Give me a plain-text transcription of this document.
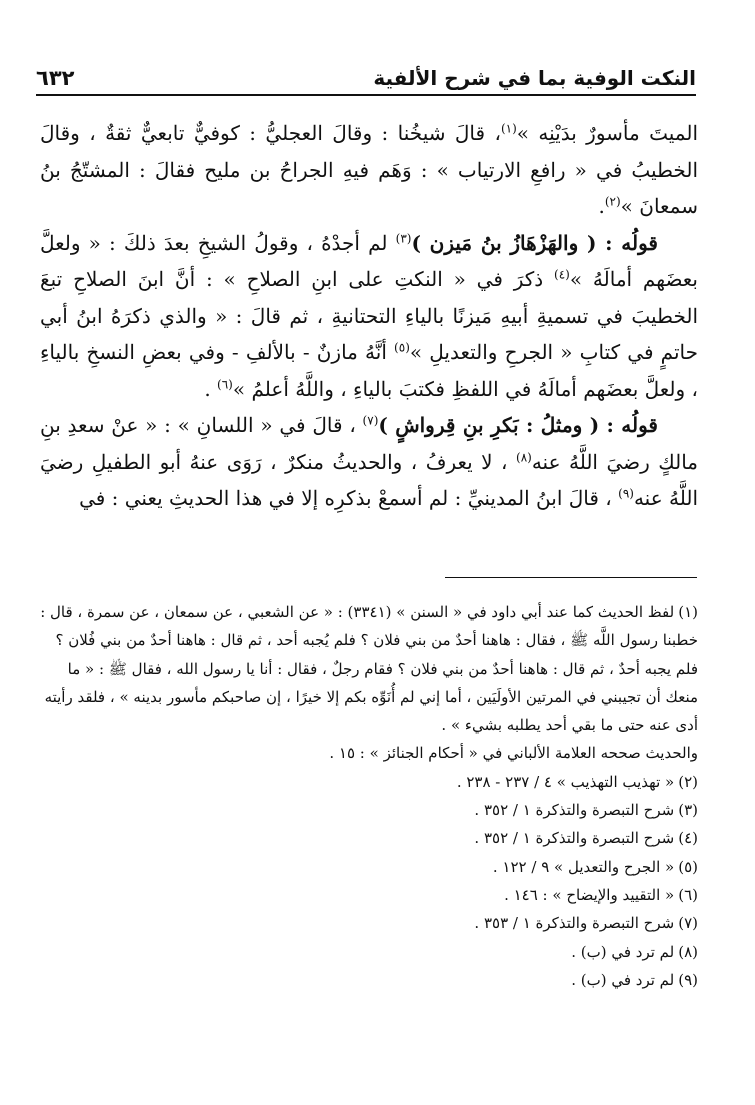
٦٣٢	النكت الوفية بما في شرح الألفية

الميتَ مأسورٌ بدَيْنِه »$^{(١)}$، قالَ شيخُنا : وقالَ العجليُّ : كوفيٌّ تابعيٌّ ثقةٌ ، وقالَ الخطيبُ في « رافعِ الارتياب » : وَهَم فيهِ الجراحُ بن مليح فقالَ : المشتّجُ بنُ سمعانَ »$^{(٢)}$.

  قولُه : ( والهَزْهَازُ بنُ مَيزن )$^{(٣)}$ لم أجدْهُ ، وقولُ الشيخِ بعدَ ذلكَ : « ولعلَّ بعضَهم أمالَهُ »$^{(٤)}$ ذكرَ في « النكتِ على ابنِ الصلاحِ » : أنَّ ابنَ الصلاحِ تبعَ الخطيبَ في تسميةِ أبيهِ مَيزنًا بالياءِ التحتانيةِ ، ثم قالَ : « والذي ذكرَهُ ابنُ أبي حاتمٍ في كتابِ « الجرحِ والتعديلِ »$^{(٥)}$ أنَّهُ مازنٌ - بالألفِ - وفي بعضِ النسخِ بالياءِ ، ولعلَّ بعضَهم أمالَهُ في اللفظِ فكتبَ بالياءِ ، واللَّهُ أعلمُ »$^{(٦)}$ .

  قولُه : ( ومثلُ : بَكرِ بنِ قِرواشٍ )$^{(٧)}$ ، قالَ في « اللسانِ » : « عنْ سعدِ بنِ مالكٍ رضيَ اللَّهُ عنه$^{(٨)}$ ، لا يعرفُ ، والحديثُ منكرٌ ، رَوَى عنهُ أبو الطفيلِ رضيَ اللَّهُ عنه$^{(٩)}$ ، قالَ ابنُ المدينيِّ : لم أسمعْ بذكرِه إلا في هذا الحديثِ يعني : في

(١)لفظ الحديث كما عند أبي داود في « السنن » (٣٣٤١) : « عن الشعبي ، عن سمعان ، عن سمرة ، قال : خطبنا رسول اللَّه ﷺ ، فقال : هاهنا أحدٌ من بني فلان ؟ فلم يُجبه أحد ، ثم قال : هاهنا أحدٌ من بني فُلان ؟ فلم يجبه أحدٌ ، ثم قال : هاهنا أحدٌ من بني فلان ؟ فقام رجلٌ ، فقال : أنا يا رسول الله ، فقال ﷺ : « ما منعك أن تجيبني في المرتين الأولَيَين ، أما إني لم أُنَوِّه بكم إلا خيرًا ، إن صاحبكم مأسور بدينه » ، فلقد رأيته أدى عنه حتى ما بقي أحد يطلبه بشيء » .

والحديث صححه العلامة الألباني في « أحكام الجنائز » : ١٥ .

(٢)« تهذيب التهذيب » ٤ / ٢٣٧ - ٢٣٨ .

(٣)شرح التبصرة والتذكرة ١ / ٣٥٢ .

(٤)شرح التبصرة والتذكرة ١ / ٣٥٢ .

(٥)« الجرح والتعديل » ٩ / ١٢٢ .

(٦)« التقييد والإيضاح » : ١٤٦ .

(٧)شرح التبصرة والتذكرة ١ / ٣٥٣ .

(٨)لم ترد في (ب) .

(٩)لم ترد في (ب) .
